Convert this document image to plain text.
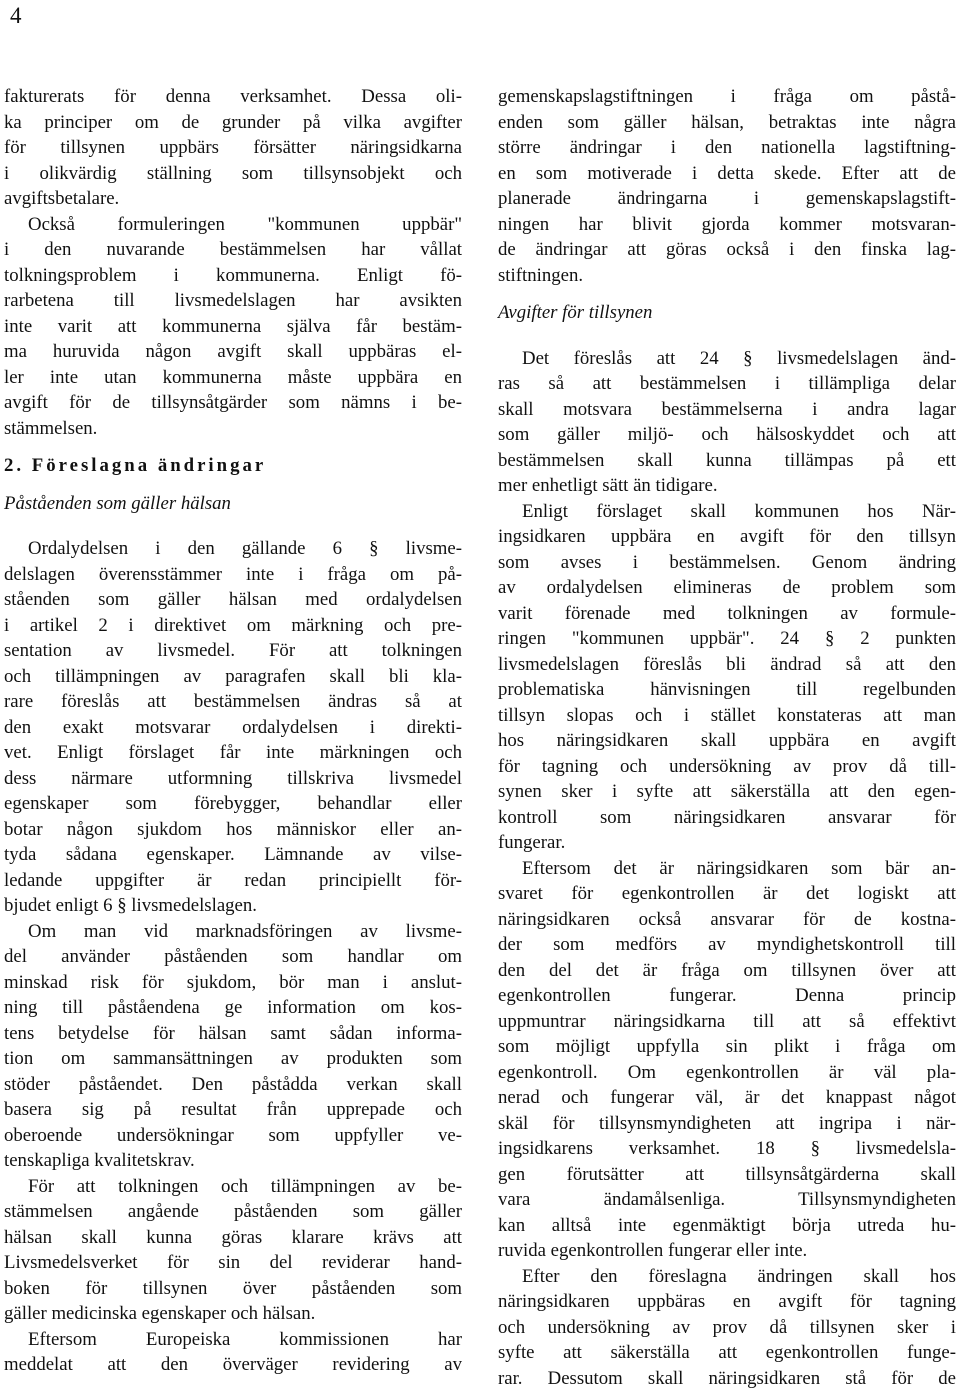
4
fakturerats för denna verksamhet. Dessa oli-
ka principer om de grunder på vilka avgifter
för tillsynen uppbärs försätter näringsidkarna
i olikvärdig ställning som tillsynsobjekt och
avgiftsbetalare.
Också formuleringen "kommunen uppbär"
i den nuvarande bestämmelsen har vållat
tolkningsproblem i kommunerna. Enligt fö-
rarbetena till livsmedelslagen har avsikten
inte varit att kommunerna själva får bestäm-
ma huruvida någon avgift skall uppbäras el-
ler inte utan kommunerna måste uppbära en
avgift för de tillsynsåtgärder som nämns i be-
stämmelsen.
2. Föreslagna ändringar
Påståenden som gäller hälsan
Ordalydelsen i den gällande 6 § livsme-
delslagen överensstämmer inte i fråga om på-
ståenden som gäller hälsan med ordalydelsen
i artikel 2 i direktivet om märkning och pre-
sentation av livsmedel. För att tolkningen
och tillämpningen av paragrafen skall bli kla-
rare föreslås att bestämmelsen ändras så at
den exakt motsvarar ordalydelsen i direkti-
vet. Enligt förslaget får inte märkningen och
dess närmare utformning tillskriva livsmedel
egenskaper som förebygger, behandlar eller
botar någon sjukdom hos människor eller an-
tyda sådana egenskaper. Lämnande av vilse-
ledande uppgifter är redan principiellt för-
bjudet enligt 6 § livsmedelslagen.
Om man vid marknadsföringen av livsme-
del använder påståenden som handlar om
minskad risk för sjukdom, bör man i anslut-
ning till påståendena ge information om kos-
tens betydelse för hälsan samt sådan informa-
tion om sammansättningen av produkten som
stöder påståendet. Den påstådda verkan skall
basera sig på resultat från upprepade och
oberoende undersökningar som uppfyller ve-
tenskapliga kvalitetskrav.
För att tolkningen och tillämpningen av be-
stämmelsen angående påståenden som gäller
hälsan skall kunna göras klarare krävs att
Livsmedelsverket för sin del reviderar hand-
boken för tillsynen över påståenden som
gäller medicinska egenskaper och hälsan.
Eftersom Europeiska kommissionen har
meddelat att den överväger revidering av
gemenskapslagstiftningen i fråga om påstå-
enden som gäller hälsan, betraktas inte några
större ändringar i den nationella lagstiftning-
en som motiverade i detta skede. Efter att de
planerade ändringarna i gemenskapslagstift-
ningen har blivit gjorda kommer motsvaran-
de ändringar att göras också i den finska lag-
stiftningen.
Avgifter för tillsynen
Det föreslås att 24 § livsmedelslagen änd-
ras så att bestämmelsen i tillämpliga delar
skall motsvara bestämmelserna i andra lagar
som gäller miljö- och hälsoskyddet och att
bestämmelsen skall kunna tillämpas på ett
mer enhetligt sätt än tidigare.
Enligt förslaget skall kommunen hos När-
ingsidkaren uppbära en avgift för den tillsyn
som avses i bestämmelsen. Genom ändring
av ordalydelsen elimineras de problem som
varit förenade med tolkningen av formule-
ringen "kommunen uppbär". 24 § 2 punkten
livsmedelslagen föreslås bli ändrad så att den
problematiska hänvisningen till regelbunden
tillsyn slopas och i stället konstateras att man
hos näringsidkaren skall uppbära en avgift
för tagning och undersökning av prov då till-
synen sker i syfte att säkerställa att den egen-
kontroll som näringsidkaren ansvarar för
fungerar.
Eftersom det är näringsidkaren som bär an-
svaret för egenkontrollen är det logiskt att
näringsidkaren också ansvarar för de kostna-
der som medförs av myndighetskontroll till
den del det är fråga om tillsynen över att
egenkontrollen fungerar. Denna princip
uppmuntrar näringsidkarna till att så effektivt
som möjligt uppfylla sin plikt i fråga om
egenkontroll. Om egenkontrollen är väl pla-
nerad och fungerar väl, är det knappast något
skäl för tillsynsmyndigheten att ingripa i när-
ingsidkarens verksamhet. 18 § livsmedelsla-
gen förutsätter att tillsynsåtgärderna skall
vara ändamålsenliga. Tillsynsmyndigheten
kan alltså inte egenmäktigt börja utreda hu-
ruvida egenkontrollen fungerar eller inte.
Efter den föreslagna ändringen skall hos
näringsidkaren uppbäras en avgift för tagning
och undersökning av prov då tillsynen sker i
syfte att säkerställa att egenkontrollen funge-
rar. Dessutom skall näringsidkaren stå för de
